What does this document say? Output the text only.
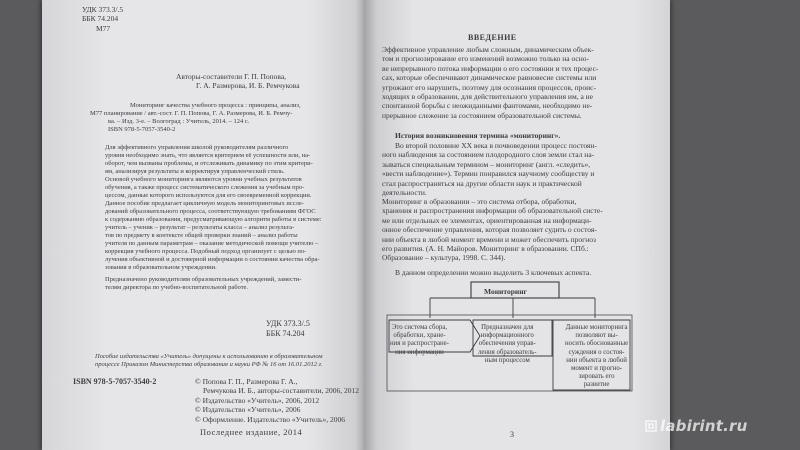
УДК 373.3/.5
ББК 74.204
М77
Авторы-составители Г. П. Попова,
Г. А. Размерова, И. Б. Ремчукова
Мониторинг качества учебного процесса : принципы, анализ,
М77 планирование / авт.-сост. Г. П. Попова, Г. А. Размерова, И. Б. Ремчу-
ва. – Изд. 3-е. – Волгоград : Учитель, 2014. – 124 с.
ISBN 978-5-7057-3540-2
Для эффективного управления школой руководителям различного
уровня необходимо знать, что является критерием её успешности или, на-
оборот, чем вызваны проблемы, и отслеживать динамику по этим критери-
ям, анализируя результаты и корректируя управленческий стиль.
Основой учебного мониторинга являются уровни учебных результатов
обучения, а также процесс систематического слежения за учебным про-
цессом, данные которого используются для его своевременной коррекции.
Данное пособие предлагает цикличную модель мониторинговых иссле-
дований образовательного процесса, соответствующую требованиям ФГОС
к содержанию образования, предусматривающую алгоритм работы в системе:
учитель – ученик – результат – результаты класса – анализ результа-
тов по предмету в контексте общей проверки знаний – анализ работы
учителя по данным параметрам – оказание методической помощи учителю –
коррекция учебного процесса. Подобный подход организует с целью по-
лучения объективной и достоверной информации о состоянии качества обра-
зования в образовательном учреждении.
Предназначено руководителям образовательных учреждений, замести-
телям директора по учебно-воспитательной работе.
УДК 373.3/.5
ББК 74.204
Пособие издательства «Учитель» допущены к использованию в образовательном
процессе Приказом Министерства образования и науки РФ № 16 от 16.01.2012 г.
ISBN 978-5-7057-3540-2	© Попова Г. П., Размерова Г. А.,
Ремчукова И. Б., авторы-составители, 2006, 2012
© Издательство «Учитель», 2006, 2012
© Издательство «Учитель», 2006
© Оформление. Издательство «Учитель», 2006
Последнее издание, 2014
ВВЕДЕНИЕ
Эффективное управление любым сложным, динамическим объек-
том и прогнозирование его изменений возможно только на осно-
ве непрерывного потока информации о его состоянии и тех процес-
сах, которые обеспечивают динамическое равновесие системы или
угрожают его нарушить, поэтому для осознания процессов, проис-
ходящих в образовании, для действительного управления им, а не
спонтанной борьбы с неожиданными фантомами, необходимо не-
прерывное слежение за состоянием образовательной системы.
История возникновения термина «мониторинг».
Во второй половине XX века в почвоведении процесс постоян-
ного наблюдения за состоянием плодородного слоя земли стал на-
зываться специальным термином – мониторинг (англ. «следить»,
«вести наблюдение»). Термин понравился научному сообществу и
стал распространяться на другие области наук и практической
деятельности.
Мониторинг в образовании – это система отбора, обработки,
хранения и распространения информации об образовательной систе-
ме или отдельных ее элементах, ориентированная на информаци-
онное обеспечение управления, которая позволяет судить о состоя-
нии объекта в любой момент времени и может обеспечить прогноз
его развития. (А. Н. Майоров. Мониторинг в образовании. СПб.:
Образование – культура, 1998. С. 344).
В данном определении можно выделить 3 ключевых аспекта.
Мониторинг
Это система сбора,
обработки, хране-
ния и распростране-
ния информации
Предназначен для
информационного
обеспечения управ-
ления образователь-
ным процессом
Данные мониторинга
позволяют вы-
носить обоснованные
суждения о состоя-
нии объекта в любой
момент и прогно-
зировать его
развитие
3	labirint.ru
